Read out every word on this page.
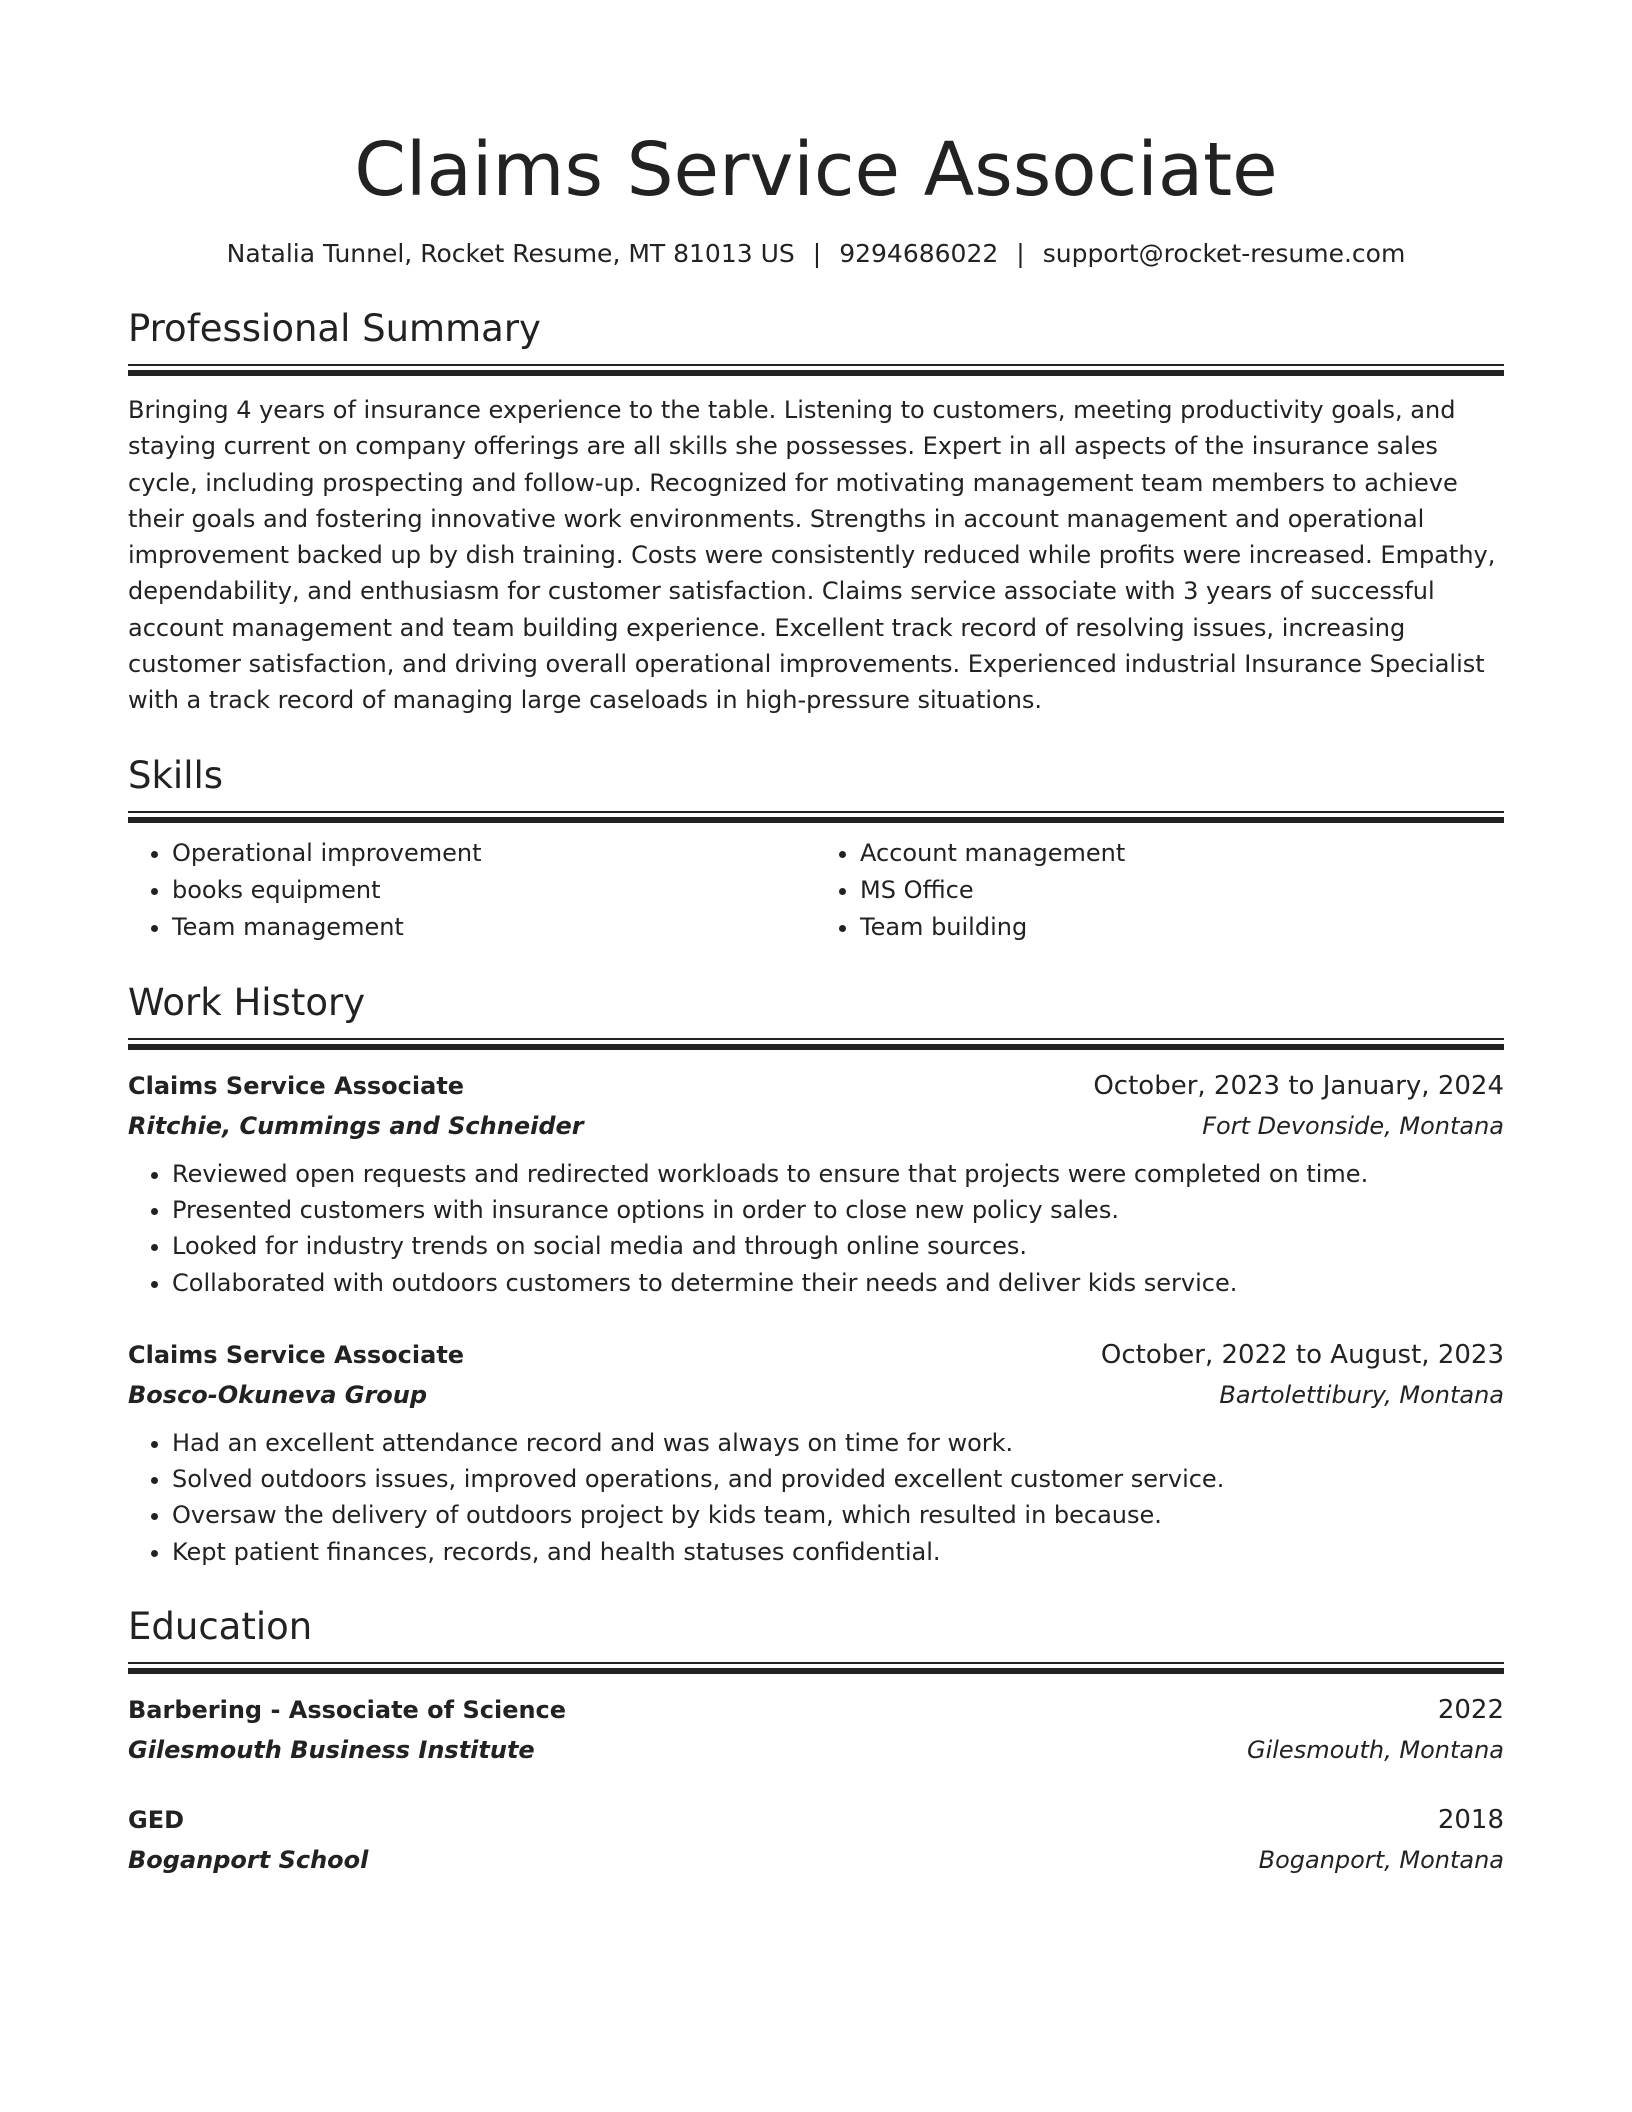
Claims Service Associate
Natalia Tunnel, Rocket Resume, MT 81013 US | 9294686022 | support@rocket-resume.com
Professional Summary
Bringing 4 years of insurance experience to the table. Listening to customers, meeting productivity goals, and staying current on company offerings are all skills she possesses. Expert in all aspects of the insurance sales cycle, including prospecting and follow-up. Recognized for motivating management team members to achieve their goals and fostering innovative work environments. Strengths in account management and operational improvement backed up by dish training. Costs were consistently reduced while profits were increased. Empathy, dependability, and enthusiasm for customer satisfaction. Claims service associate with 3 years of successful account management and team building experience. Excellent track record of resolving issues, increasing customer satisfaction, and driving overall operational improvements. Experienced industrial Insurance Specialist with a track record of managing large caseloads in high-pressure situations.
Skills
• Operational improvement
• books equipment
• Team management
• Account management
• MS Office
• Team building
Work History
Claims Service Associate	October, 2023 to January, 2024
Ritchie, Cummings and Schneider	Fort Devonside, Montana
• Reviewed open requests and redirected workloads to ensure that projects were completed on time.
• Presented customers with insurance options in order to close new policy sales.
• Looked for industry trends on social media and through online sources.
• Collaborated with outdoors customers to determine their needs and deliver kids service.
Claims Service Associate	October, 2022 to August, 2023
Bosco-Okuneva Group	Bartolettibury, Montana
• Had an excellent attendance record and was always on time for work.
• Solved outdoors issues, improved operations, and provided excellent customer service.
• Oversaw the delivery of outdoors project by kids team, which resulted in because.
• Kept patient finances, records, and health statuses confidential.
Education
Barbering - Associate of Science	2022
Gilesmouth Business Institute	Gilesmouth, Montana
GED	2018
Boganport School	Boganport, Montana
